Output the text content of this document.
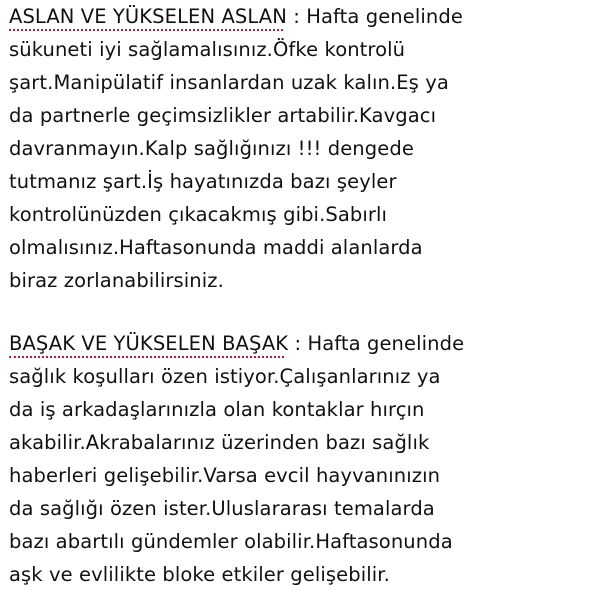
ASLAN VE YÜKSELEN ASLAN : Hafta genelinde
sükuneti iyi sağlamalısınız.Öfke kontrolü
şart.Manipülatif insanlardan uzak kalın.Eş ya
da partnerle geçimsizlikler artabilir.Kavgacı
davranmayın.Kalp sağlığınızı !!! dengede
tutmanız şart.İş hayatınızda bazı şeyler
kontrolünüzden çıkacakmış gibi.Sabırlı
olmalısınız.Haftasonunda maddi alanlarda
biraz zorlanabilirsiniz.
BAŞAK VE YÜKSELEN BAŞAK : Hafta genelinde
sağlık koşulları özen istiyor.Çalışanlarınız ya
da iş arkadaşlarınızla olan kontaklar hırçın
akabilir.Akrabalarınız üzerinden bazı sağlık
haberleri gelişebilir.Varsa evcil hayvanınızın
da sağlığı özen ister.Uluslararası temalarda
bazı abartılı gündemler olabilir.Haftasonunda
aşk ve evlilikte bloke etkiler gelişebilir.
